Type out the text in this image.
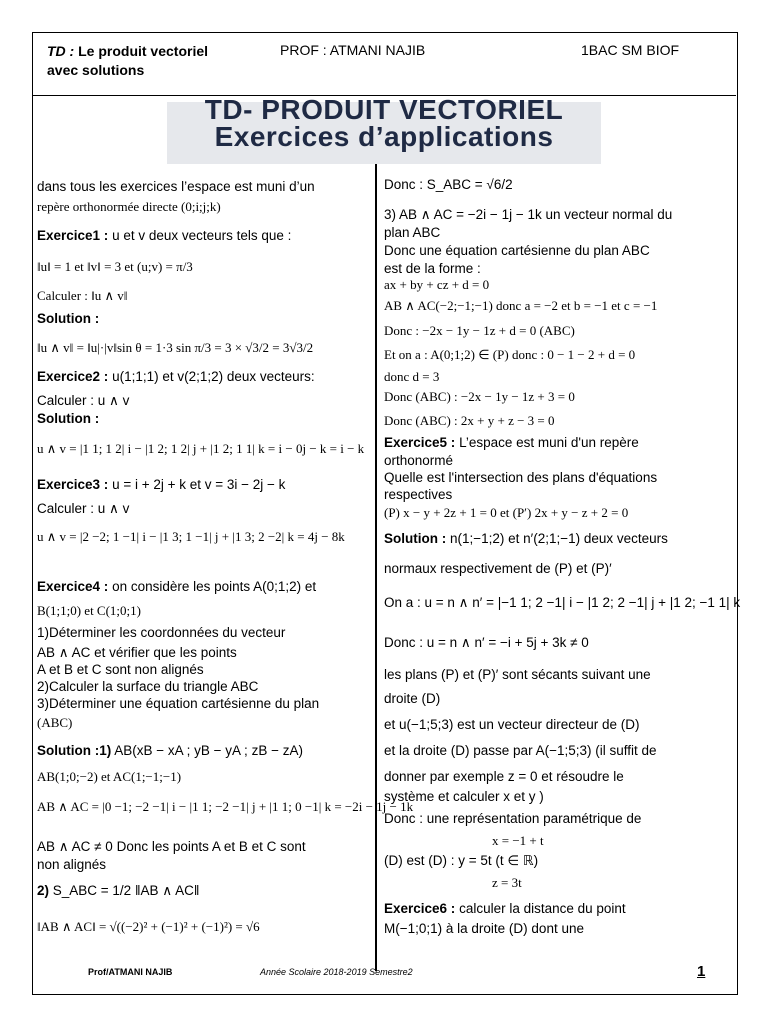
TD : Le produit vectoriel
avec solutions
PROF : ATMANI NAJIB	1BAC SM BIOF
TD- PRODUIT VECTORIEL
Exercices d’applications
dans tous les exercices l’espace est muni d’un
repère orthonormée directe (0;i;j;k)
Exercice1 : u et v deux vecteurs tels que :
‖u‖ = 1 et ‖v‖ = 3 et (u;v) = π/3
Calculer : ‖u ∧ v‖
Solution :
‖u ∧ v‖ = ‖u|·|v‖sin θ = 1·3 sin π/3 = 3 × √3/2 = 3√3/2
Exercice2 : u(1;1;1) et v(2;1;2) deux vecteurs:
Calculer : u ∧ v
Solution :
u ∧ v = |1 1; 1 2| i − |1 2; 1 2| j + |1 2; 1 1| k = i − 0j − k = i − k
Exercice3 : u = i + 2j + k et v = 3i − 2j − k
Calculer : u ∧ v
u ∧ v = |2 −2; 1 −1| i − |1 3; 1 −1| j + |1 3; 2 −2| k = 4j − 8k
Exercice4 : on considère les points A(0;1;2) et
B(1;1;0) et C(1;0;1)
1)Déterminer les coordonnées du vecteur
AB ∧ AC et vérifier que les points
A et B et C sont non alignés
2)Calculer la surface du triangle ABC
3)Déterminer une équation cartésienne du plan
(ABC)
Solution :1) AB(xB − xA ; yB − yA ; zB − zA)
AB(1;0;−2) et AC(1;−1;−1)
AB ∧ AC = |0 −1; −2 −1| i − |1 1; −2 −1| j + |1 1; 0 −1| k = −2i − 1j − 1k
AB ∧ AC ≠ 0 Donc les points A et B et C sont
non alignés
2) S_ABC = 1/2 ‖AB ∧ AC‖
‖AB ∧ AC‖ = √((−2)² + (−1)² + (−1)²) = √6
Donc : S_ABC = √6/2
3) AB ∧ AC = −2i − 1j − 1k un vecteur normal du
plan ABC
Donc une équation cartésienne du plan ABC
est de la forme :
ax + by + cz + d = 0
AB ∧ AC(−2;−1;−1) donc a = −2 et b = −1 et c = −1
Donc : −2x − 1y − 1z + d = 0 (ABC)
Et on a : A(0;1;2) ∈ (P) donc : 0 − 1 − 2 + d = 0
donc d = 3
Donc (ABC) : −2x − 1y − 1z + 3 = 0
Donc (ABC) : 2x + y + z − 3 = 0
Exercice5 : L’espace est muni d'un repère
orthonormé
Quelle est l'intersection des plans d'équations
respectives
(P) x − y + 2z + 1 = 0 et (P′) 2x + y − z + 2 = 0
Solution : n(1;−1;2) et n′(2;1;−1) deux vecteurs
normaux respectivement de (P) et (P)′
On a : u = n ∧ n′ = |−1 1; 2 −1| i − |1 2; 2 −1| j + |1 2; −1 1| k
Donc : u = n ∧ n′ = −i + 5j + 3k ≠ 0
les plans (P) et (P)′ sont sécants suivant une
droite (D)
et u(−1;5;3) est un vecteur directeur de (D)
et la droite (D) passe par A(−1;5;3) (il suffit de
donner par exemple z = 0 et résoudre le
système et calculer x et y )
Donc : une représentation paramétrique de
x = −1 + t
(D) est (D) : y = 5t (t ∈ ℝ)
z = 3t
Exercice6 : calculer la distance du point
M(−1;0;1) à la droite (D) dont une
Prof/ATMANI NAJIB	Année Scolaire 2018-2019 Semestre2	1
